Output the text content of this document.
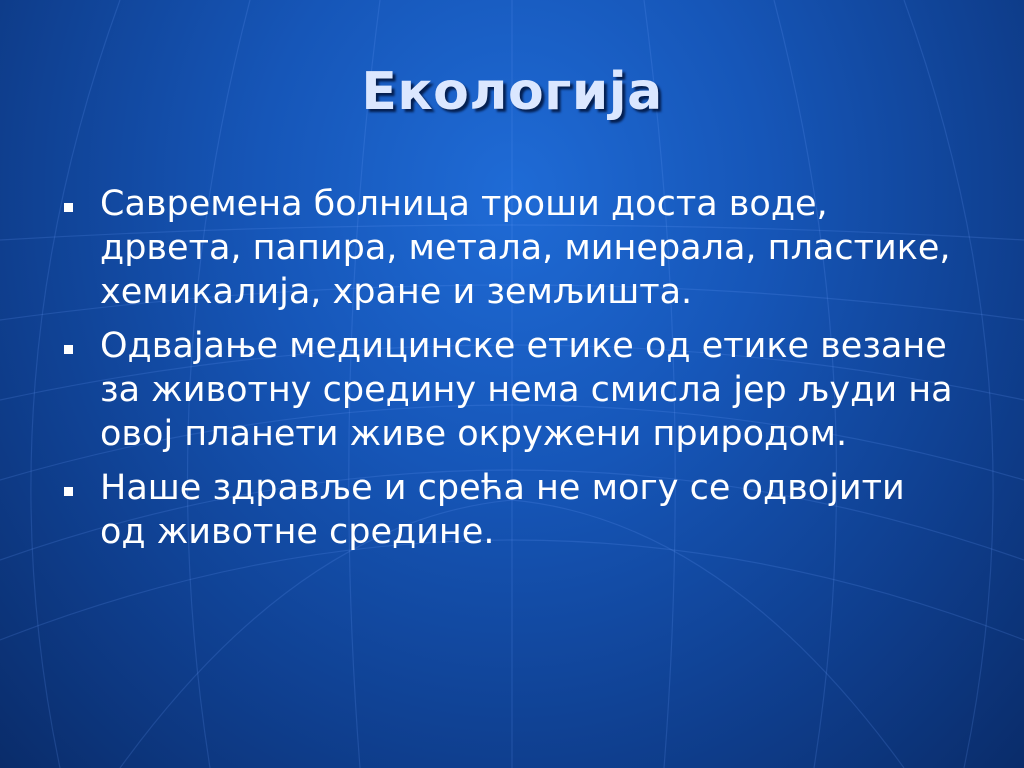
Екологија
Савремена болница троши доста воде, дрвета, папира, метала, минерала, пластике, хемикалија, хране и земљишта.
Одвајање медицинске етике од етике везане за животну средину нема смисла јер људи на овој планети живе окружени природом.
Наше здравље и срећа не могу се одвојити од животне средине.
